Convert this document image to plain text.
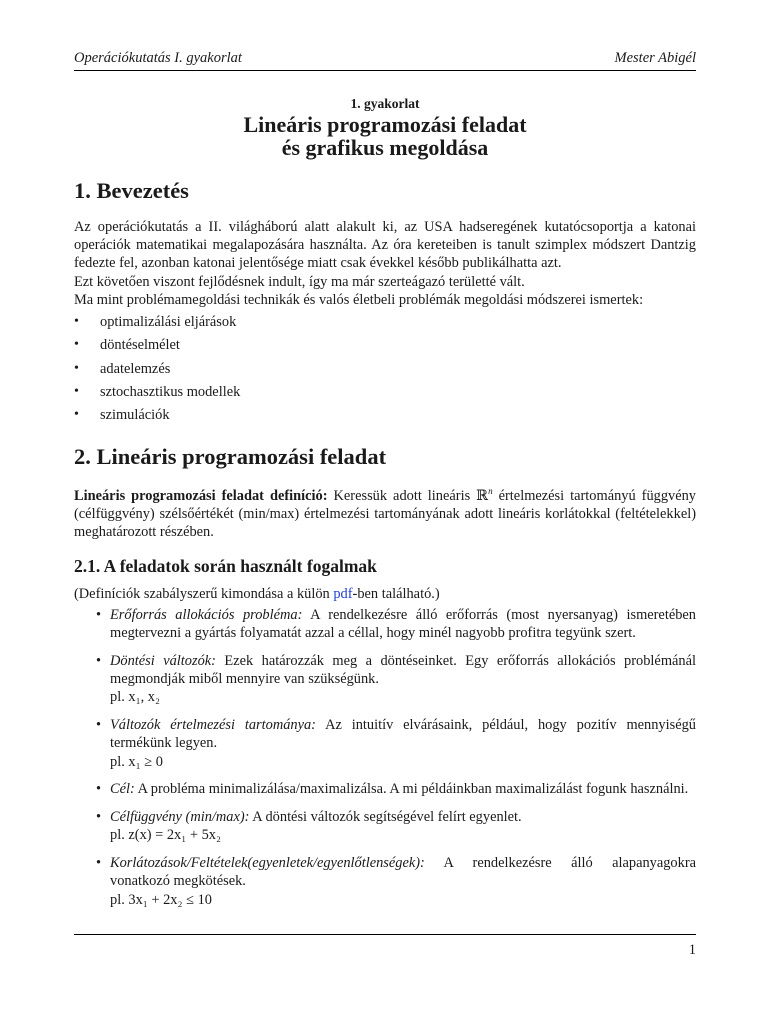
Operációkutatás I. gyakorlat	Mester Abigél

1. gyakorlat

Lineáris programozási feladat

és grafikus megoldása

1. Bevezetés

Az operációkutatás a II. világháború alatt alakult ki, az USA hadseregének kutatócsoportja a katonai operációk matematikai megalapozására használta. Az óra kereteiben is tanult szimplex módszert Dantzig fedezte fel, azonban katonai jelentősége miatt csak évekkel később publikálhatta azt.

Ezt követően viszont fejlődésnek indult, így ma már szerteágazó területté vált.

Ma mint problémamegoldási technikák és valós életbeli problémák megoldási módszerei ismertek:

• optimalizálási eljárások
• döntéselmélet
• adatelemzés
• sztochasztikus modellek
• szimulációk
2. Lineáris programozási feladat

Lineáris programozási feladat definíció: Keressük adott lineáris ℝ$^n$ értelmezési tartományú függvény (célfüggvény) szélsőértékét (min/max) értelmezési tartományának adott lineáris korlátokkal (feltételekkel) meghatározott részében.

2.1. A feladatok során használt fogalmak

(Definíciók szabályszerű kimondása a külön pdf-ben található.)

• Erőforrás allokációs probléma: A rendelkezésre álló erőforrás (most nyersanyag) ismeretében megtervezni a gyártás folyamatát azzal a céllal, hogy minél nagyobb profitra tegyünk szert.
• Döntési változók: Ezek határozzák meg a döntéseinket. Egy erőforrás allokációs problémánál megmondják miből mennyire van szükségünk.
pl. x₁, x₂
• Változók értelmezési tartománya: Az intuitív elvárásaink, például, hogy pozitív mennyiségű termékünk legyen.
pl. x₁ ≥ 0
• Cél: A probléma minimalizálása/maximalizálsa. A mi példáinkban maximalizálást fogunk használni.
• Célfüggvény (min/max): A döntési változók segítségével felírt egyenlet.
pl. z(x) = 2x₁ + 5x₂
• Korlátozások/Feltételek(egyenletek/egyenlőtlenségek): A rendelkezésre álló alapanyagokra vonatkozó megkötések.
pl. 3x₁ + 2x₂ ≤ 10
1
